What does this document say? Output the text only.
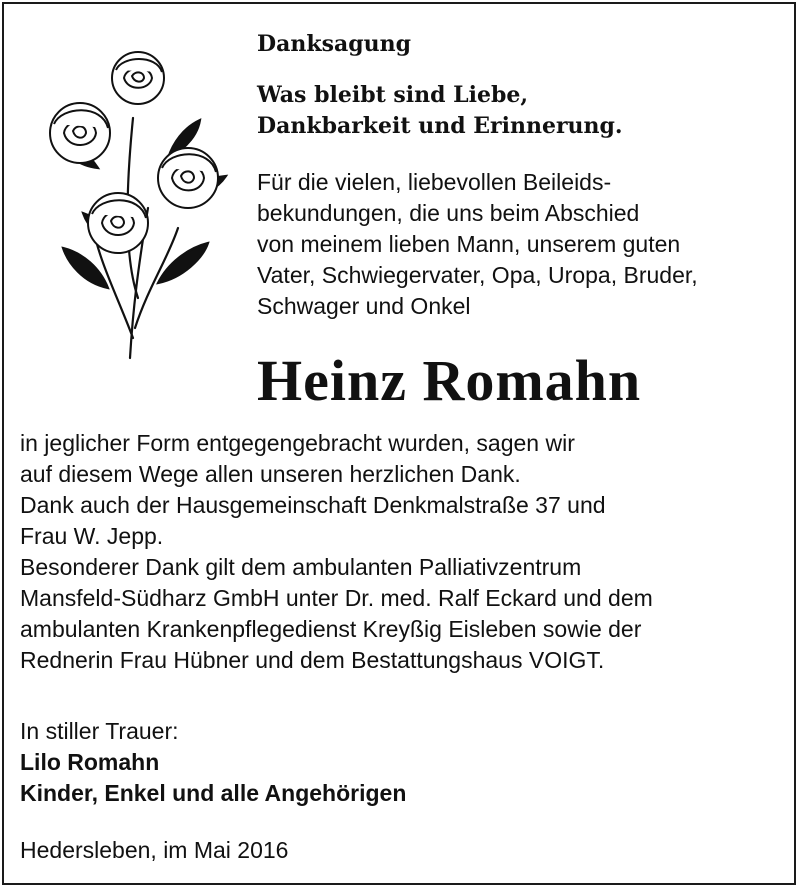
Danksagung

Was bleibt sind Liebe,
Dankbarkeit und Erinnerung.

Für die vielen, liebevollen Beileids-
bekundungen, die uns beim Abschied
von meinem lieben Mann, unserem guten
Vater, Schwiegervater, Opa, Uropa, Bruder,
Schwager und Onkel

Heinz Romahn

in jeglicher Form entgegengebracht wurden, sagen wir
auf diesem Wege allen unseren herzlichen Dank.
Dank auch der Hausgemeinschaft Denkmalstraße 37 und
Frau W. Jepp.
Besonderer Dank gilt dem ambulanten Palliativzentrum
Mansfeld-Südharz GmbH unter Dr. med. Ralf Eckard und dem
ambulanten Krankenpflegedienst Kreyßig Eisleben sowie der
Rednerin Frau Hübner und dem Bestattungshaus VOIGT.

In stiller Trauer:
Lilo Romahn
Kinder, Enkel und alle Angehörigen
Hedersleben, im Mai 2016
